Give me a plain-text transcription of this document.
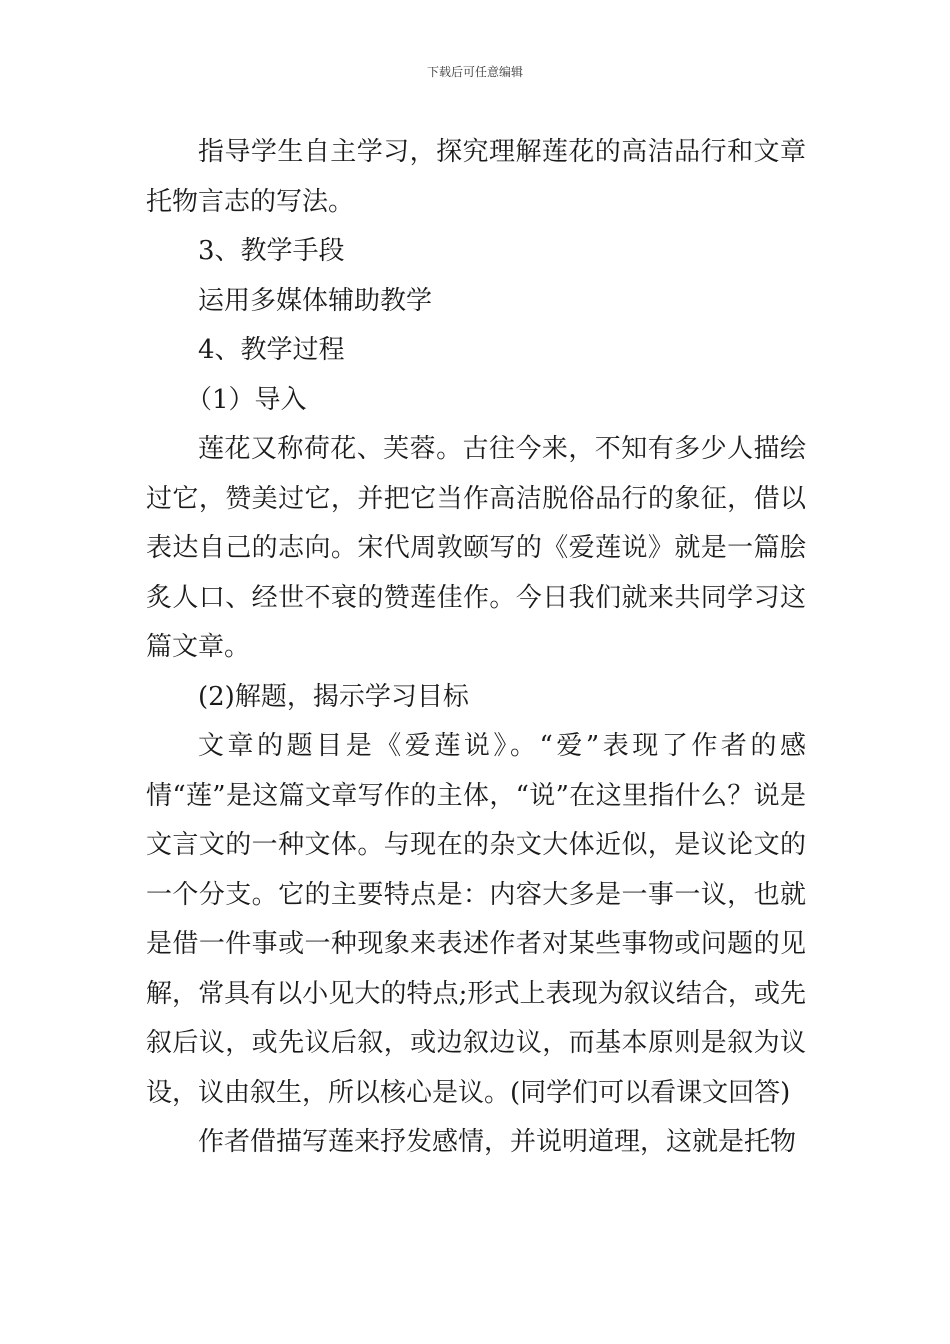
下载后可任意编辑

指导学生自主学习，探究理解莲花的高洁品行和文章托物言志的写法。

3、教学手段

运用多媒体辅助教学

4、教学过程

（1）导入

莲花又称荷花、芙蓉。古往今来，不知有多少人描绘过它，赞美过它，并把它当作高洁脱俗品行的象征，借以表达自己的志向。宋代周敦颐写的《爱莲说》就是一篇脍炙人口、经世不衰的赞莲佳作。今日我们就来共同学习这篇文章。

(2)解题，揭示学习目标

文章的题目是《爱莲说》。“爱”表现了作者的感情“莲”是这篇文章写作的主体，“说”在这里指什么？说是文言文的一种文体。与现在的杂文大体近似，是议论文的一个分支。它的主要特点是：内容大多是一事一议，也就是借一件事或一种现象来表述作者对某些事物或问题的见解，常具有以小见大的特点;形式上表现为叙议结合，或先叙后议，或先议后叙，或边叙边议，而基本原则是叙为议设，议由叙生，所以核心是议。(同学们可以看课文回答)

作者借描写莲来抒发感情，并说明道理，这就是托物
